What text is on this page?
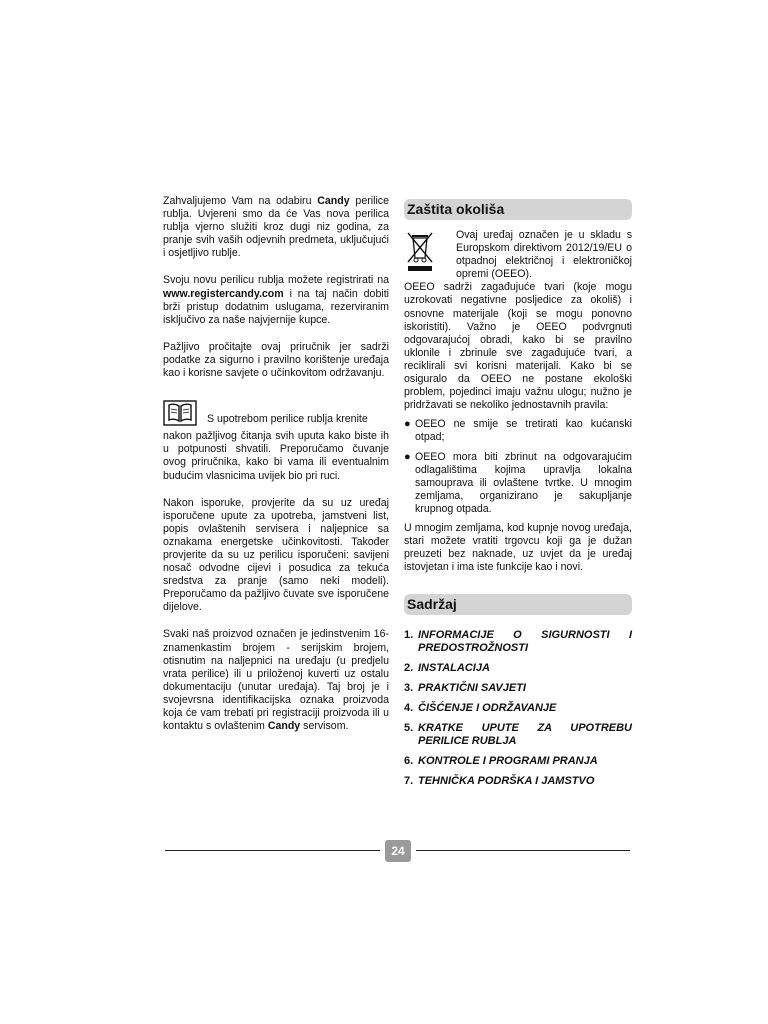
Zahvaljujemo Vam na odabiru Candy perilice rublja. Uvjereni smo da će Vas nova perilica rublja vjerno služiti kroz dugi niz godina, za pranje svih vaših odjevnih predmeta, uključujući i osjetljivo rublje.

Svoju novu perilicu rublja možete registrirati na www.registercandy.com i na taj način dobiti brži pristup dodatnim uslugama, rezerviranim isključivo za naše najvjernije kupce.

Pažljivo pročitajte ovaj priručnik jer sadrži podatke za sigurno i pravilno korištenje uređaja kao i korisne savjete o učinkovitom održavanju.

S upotrebom perilice rublja krenite

nakon pažljivog čitanja svih uputa kako biste ih u potpunosti shvatili. Preporučamo čuvanje ovog priručnika, kako bi vama ili eventualnim budućim vlasnicima uvijek bio pri ruci.

Nakon isporuke, provjerite da su uz uređaj isporučene upute za upotreba, jamstveni list, popis ovlaštenih servisera i naljepnice sa oznakama energetske učinkovitosti. Također provjerite da su uz perilicu isporučeni: savijeni nosač odvodne cijevi i posudica za tekuća sredstva za pranje (samo neki modeli). Preporučamo da pažljivo čuvate sve isporučene dijelove.

Svaki naš proizvod označen je jedinstvenim 16-znamenkastim brojem - serijskim brojem, otisnutim na naljepnici na uređaju (u predjelu vrata perilice) ili u priloženoj kuverti uz ostalu dokumentaciju (unutar uređaja). Taj broj je i svojevrsna identifikacijska oznaka proizvoda koja će vam trebati pri registraciji proizvoda ili u kontaktu s ovlaštenim Candy servisom.

Zaštita okoliša
Ovaj uređaj označen je u skladu s Europskom direktivom 2012/19/EU o otpadnoj električnoj i elektroničkoj opremi (OEEO).

OEEO sadrži zagađujuće tvari (koje mogu uzrokovati negativne posljedice za okoliš) i osnovne materijale (koji se mogu ponovno iskoristiti). Važno je OEEO podvrgnuti odgovarajućoj obradi, kako bi se pravilno uklonile i zbrinule sve zagađujuće tvari, a reciklirali svi korisni materijali. Kako bi se osiguralo da OEEO ne postane ekološki problem, pojedinci imaju važnu ulogu; nužno je pridržavati se nekoliko jednostavnih pravila:

● OEEO ne smije se tretirati kao kućanski otpad;
● OEEO mora biti zbrinut na odgovarajućim odlagalištima kojima upravlja lokalna samouprava ili ovlaštene tvrtke. U mnogim zemljama, organizirano je sakupljanje krupnog otpada.

U mnogim zemljama, kod kupnje novog uređaja, stari možete vratiti trgovcu koji ga je dužan preuzeti bez naknade, uz uvjet da je uređaj istovjetan i ima iste funkcije kao i novi.

Sadržaj
1. INFORMACIJE O SIGURNOSTI I PREDOSTROŽNOSTI
2. INSTALACIJA
3. PRAKTIČNI SAVJETI
4. ČIŠĆENJE I ODRŽAVANJE
5. KRATKE UPUTE ZA UPOTREBU PERILICE RUBLJA
6. KONTROLE I PROGRAMI PRANJA
7. TEHNIČKA PODRŠKA I JAMSTVO
24
